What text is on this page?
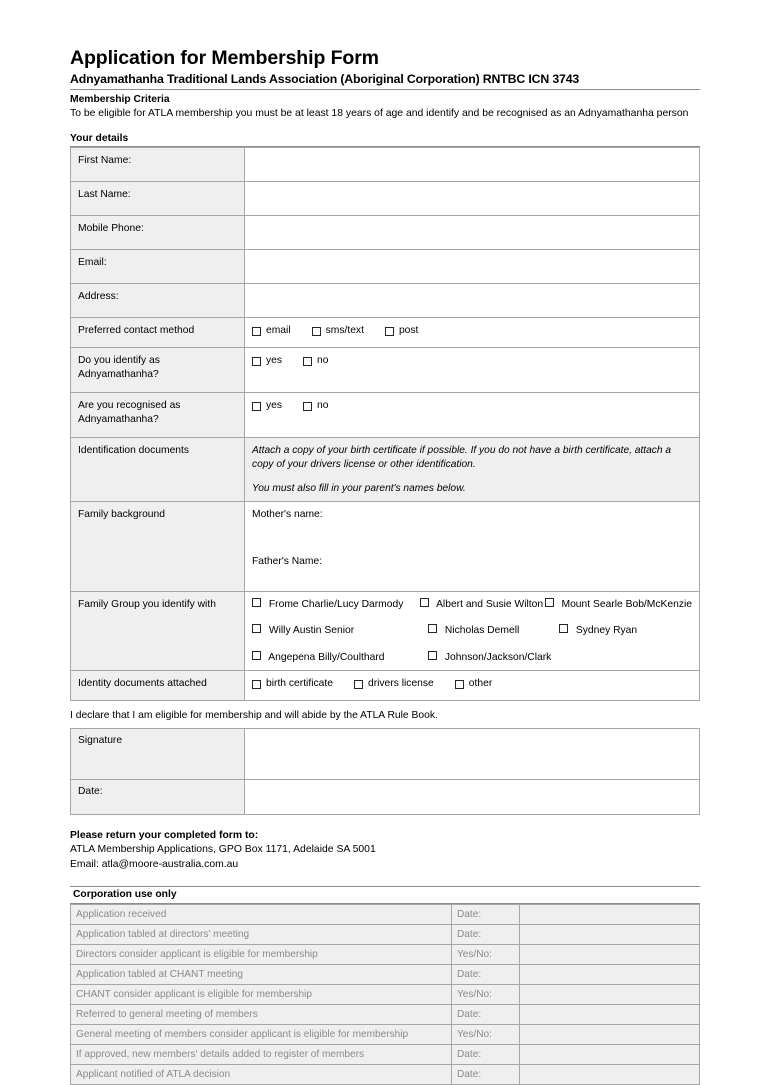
Application for Membership Form
Adnyamathanha Traditional Lands Association (Aboriginal Corporation) RNTBC ICN 3743
Membership Criteria
To be eligible for ATLA membership you must be at least 18 years of age and identify and be recognised as an Adnyamathanha person
Your details
First Name:	
Last Name:	
Mobile Phone:	
Email:	
Address:	
Preferred contact method	email sms/text post

Do you identify as Adnyamathanha?	yes no

Are you recognised as Adnyamathanha?	yes no

Identification documents	Attach a copy of your birth certificate if possible. If you do not have a birth certificate, attach a copy of your drivers license or other identification.

You must also fill in your parent's names below.

Family background	Mother's name:

Father's Name:

Family Group you identify with	Frome Charlie/Lucy Darmody	Albert and Susie Wilton	Mount Searle Bob/McKenzie
Willy Austin Senior	Nicholas Demell	Sydney Ryan
Angepena Billy/Coulthard	Johnson/Jackson/Clark

Identity documents attached	birth certificate drivers license other

I declare that I am eligible for membership and will abide by the ATLA Rule Book.

Signature	
Date:	
Please return your completed form to:
ATLA Membership Applications, GPO Box 1171, Adelaide SA 5001
Email: atla@moore-australia.com.au
Corporation use only
Application received	Date:	
Application tabled at directors' meeting	Date:	
Directors consider applicant is eligible for membership	Yes/No:	
Application tabled at CHANT meeting	Date:	
CHANT consider applicant is eligible for membership	Yes/No:	
Referred to general meeting of members	Date:	
General meeting of members consider applicant is eligible for membership	Yes/No:	
If approved, new members' details added to register of members	Date:	
Applicant notified of ATLA decision	Date:	
